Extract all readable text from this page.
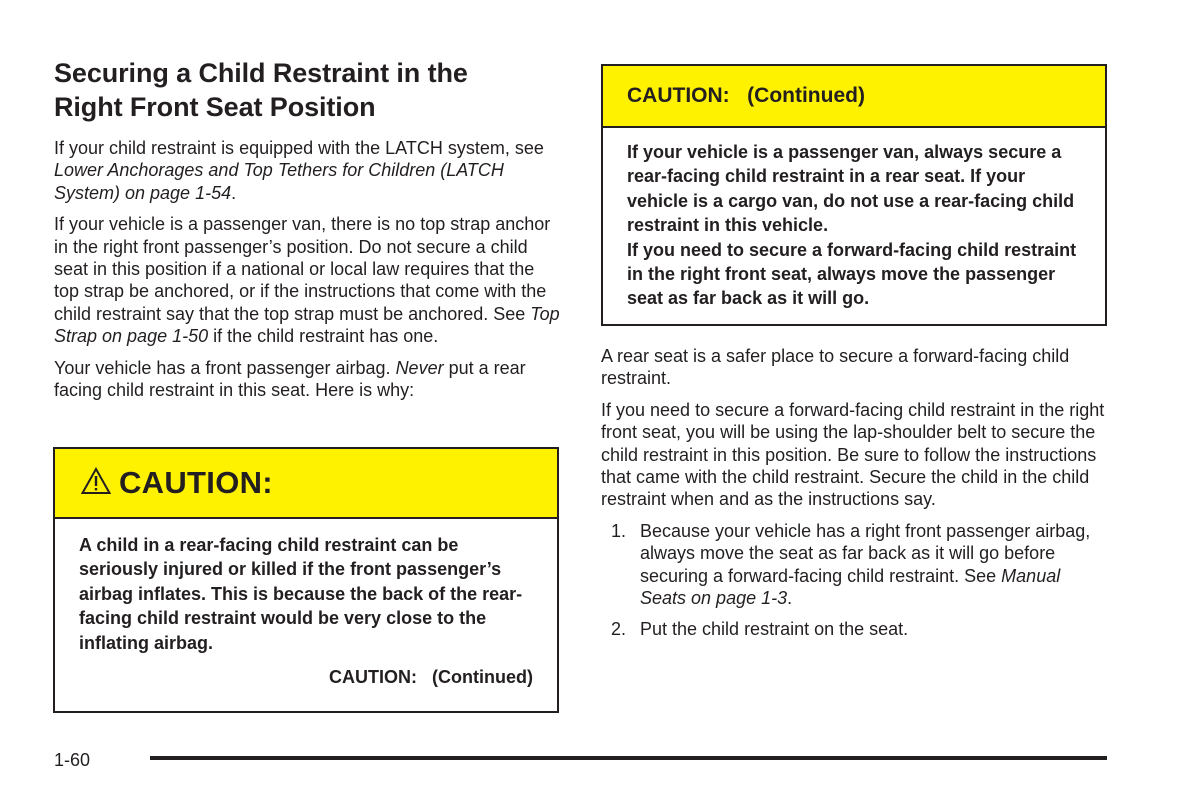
Securing a Child Restraint in the
Right Front Seat Position

If your child restraint is equipped with the LATCH system, see Lower Anchorages and Top Tethers for Children (LATCH System) on page 1-54.

If your vehicle is a passenger van, there is no top strap anchor in the right front passenger’s position. Do not secure a child seat in this position if a national or local law requires that the top strap be anchored, or if the instructions that come with the child restraint say that the top strap must be anchored. See Top Strap on page 1-50 if the child restraint has one.

Your vehicle has a front passenger airbag. Never put a rear facing child restraint in this seat. Here is why:

CAUTION:

A child in a rear-facing child restraint can be seriously injured or killed if the front passenger’s airbag inflates. This is because the back of the rear-facing child restraint would be very close to the inflating airbag.

CAUTION:   (Continued)
CAUTION:   (Continued)

If your vehicle is a passenger van, always secure a rear-facing child restraint in a rear seat. If your vehicle is a cargo van, do not use a rear-facing child restraint in this vehicle.

If you need to secure a forward-facing child restraint in the right front seat, always move the passenger seat as far back as it will go.

A rear seat is a safer place to secure a forward-facing child restraint.

If you need to secure a forward-facing child restraint in the right front seat, you will be using the lap-shoulder belt to secure the child restraint in this position. Be sure to follow the instructions that came with the child restraint. Secure the child in the child restraint when and as the instructions say.

1. Because your vehicle has a right front passenger airbag, always move the seat as far back as it will go before securing a forward-facing child restraint. See Manual Seats on page 1-3.
2. Put the child restraint on the seat.
1-60
